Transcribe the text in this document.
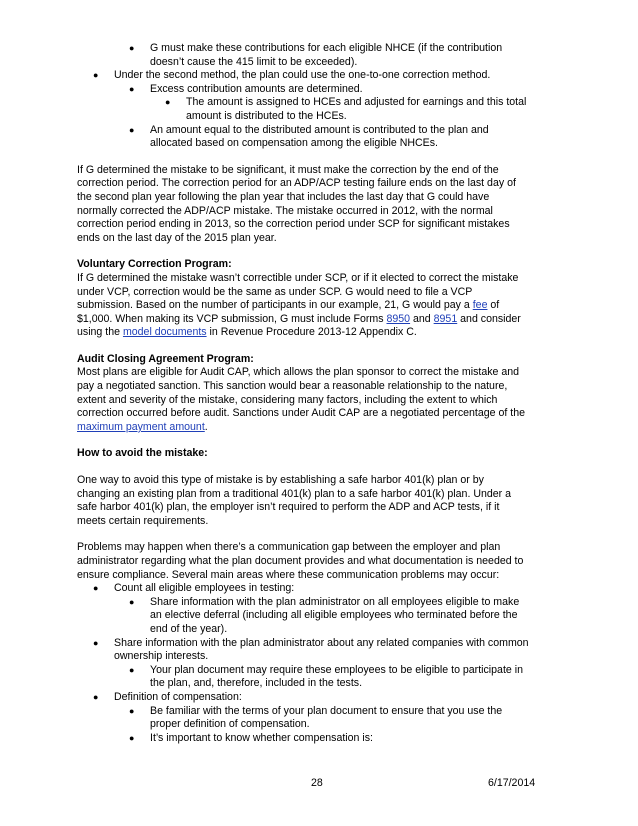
● G must make these contributions for each eligible NHCE (if the contribution
doesn’t cause the 415 limit to be exceeded).
● Under the second method, the plan could use the one-to-one correction method.
● Excess contribution amounts are determined.
● The amount is assigned to HCEs and adjusted for earnings and this total
amount is distributed to the HCEs.
● An amount equal to the distributed amount is contributed to the plan and
allocated based on compensation among the eligible NHCEs.
If G determined the mistake to be significant, it must make the correction by the end of the
correction period. The correction period for an ADP/ACP testing failure ends on the last day of
the second plan year following the plan year that includes the last day that G could have
normally corrected the ADP/ACP mistake. The mistake occurred in 2012, with the normal
correction period ending in 2013, so the correction period under SCP for significant mistakes
ends on the last day of the 2015 plan year.
Voluntary Correction Program:
If G determined the mistake wasn’t correctible under SCP, or if it elected to correct the mistake
under VCP, correction would be the same as under SCP. G would need to file a VCP
submission. Based on the number of participants in our example, 21, G would pay a fee of
$1,000. When making its VCP submission, G must include Forms 8950 and 8951 and consider
using the model documents in Revenue Procedure 2013-12 Appendix C.
Audit Closing Agreement Program:
Most plans are eligible for Audit CAP, which allows the plan sponsor to correct the mistake and
pay a negotiated sanction. This sanction would bear a reasonable relationship to the nature,
extent and severity of the mistake, considering many factors, including the extent to which
correction occurred before audit. Sanctions under Audit CAP are a negotiated percentage of the
maximum payment amount.
How to avoid the mistake:
One way to avoid this type of mistake is by establishing a safe harbor 401(k) plan or by
changing an existing plan from a traditional 401(k) plan to a safe harbor 401(k) plan. Under a
safe harbor 401(k) plan, the employer isn’t required to perform the ADP and ACP tests, if it
meets certain requirements.
Problems may happen when there’s a communication gap between the employer and plan
administrator regarding what the plan document provides and what documentation is needed to
ensure compliance. Several main areas where these communication problems may occur:
● Count all eligible employees in testing:
● Share information with the plan administrator on all employees eligible to make
an elective deferral (including all eligible employees who terminated before the
end of the year).
● Share information with the plan administrator about any related companies with common
ownership interests.
● Your plan document may require these employees to be eligible to participate in
the plan, and, therefore, included in the tests.
● Definition of compensation:
● Be familiar with the terms of your plan document to ensure that you use the
proper definition of compensation.
● It’s important to know whether compensation is:
28	6/17/2014
